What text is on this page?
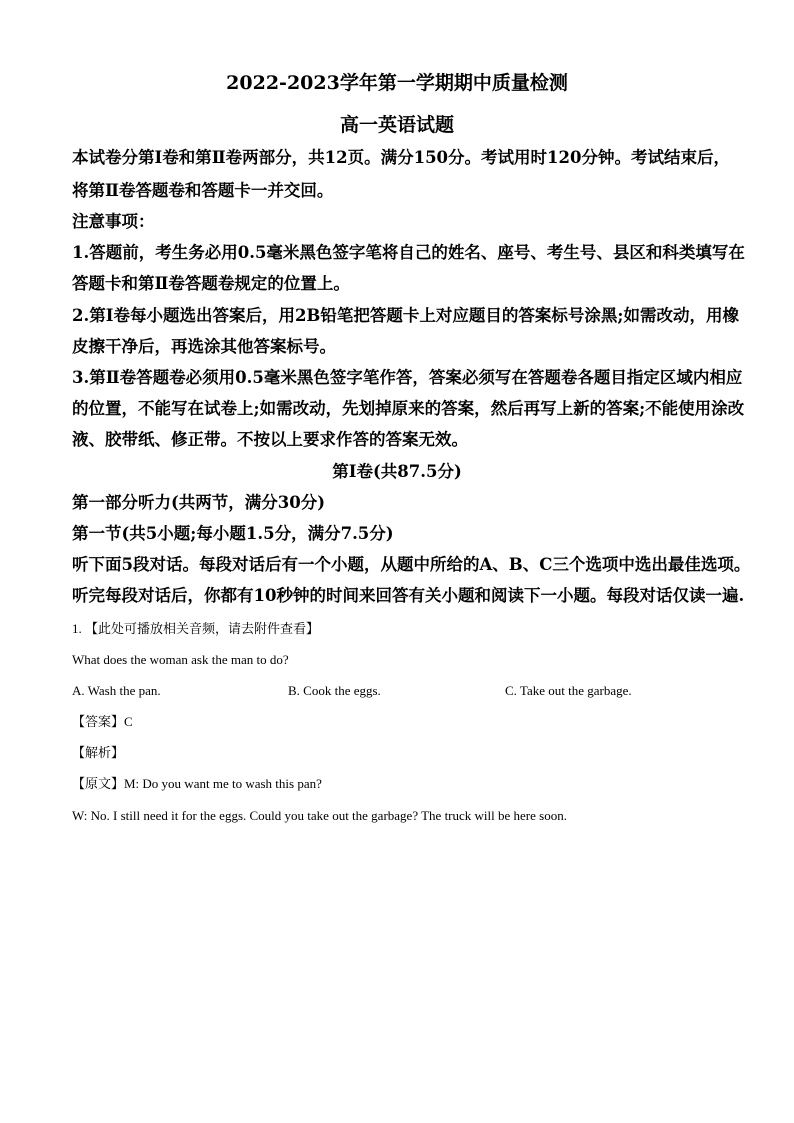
2022-2023学年第一学期期中质量检测
高一英语试题
本试卷分第Ⅰ卷和第Ⅱ卷两部分，共12页。满分150分。考试用时120分钟。考试结束后，
将第Ⅱ卷答题卷和答题卡一并交回。
注意事项：
1.答题前，考生务必用0.5毫米黑色签字笔将自己的姓名、座号、考生号、县区和科类填写在
答题卡和第Ⅱ卷答题卷规定的位置上。
2.第Ⅰ卷每小题选出答案后，用2B铅笔把答题卡上对应题目的答案标号涂黑;如需改动，用橡
皮擦干净后，再选涂其他答案标号。
3.第Ⅱ卷答题卷必须用0.5毫米黑色签字笔作答，答案必须写在答题卷各题目指定区域内相应
的位置，不能写在试卷上;如需改动，先划掉原来的答案，然后再写上新的答案;不能使用涂改
液、胶带纸、修正带。不按以上要求作答的答案无效。
第Ⅰ卷(共87.5分)
第一部分听力(共两节，满分30分)
第一节(共5小题;每小题1.5分，满分7.5分)
听下面5段对话。每段对话后有一个小题，从题中所给的A、B、C三个选项中选出最佳选项。
听完每段对话后，你都有10秒钟的时间来回答有关小题和阅读下一小题。每段对话仅读一遍.
1. 【此处可播放相关音频，请去附件查看】
What does the woman ask the man to do?
A. Wash the pan.	B. Cook the eggs.	C. Take out the garbage.
【答案】C
【解析】
【原文】M: Do you want me to wash this pan?
W: No. I still need it for the eggs. Could you take out the garbage? The truck will be here soon.
